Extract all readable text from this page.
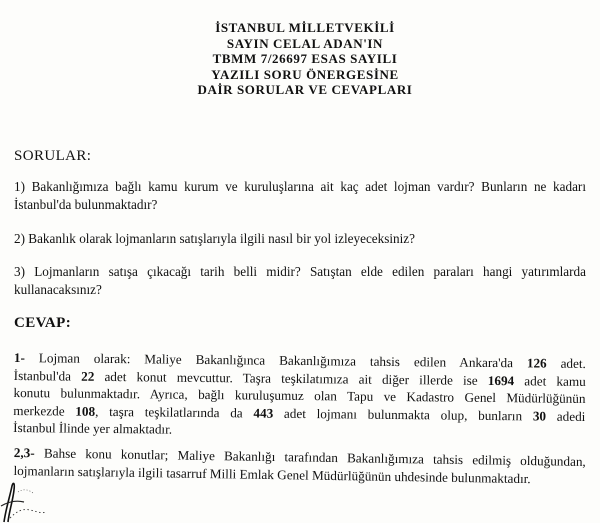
İSTANBUL MİLLETVEKİLİ
SAYIN CELAL ADAN'IN
TBMM 7/26697 ESAS SAYILI
YAZILI SORU ÖNERGESİNE
DAİR SORULAR VE CEVAPLARI
SORULAR:
1) Bakanlığımıza bağlı kamu kurum ve kuruluşlarına ait kaç adet lojman vardır? Bunların ne kadarı
İstanbul'da bulunmaktadır?
2) Bakanlık olarak lojmanların satışlarıyla ilgili nasıl bir yol izleyeceksiniz?
3) Lojmanların satışa çıkacağı tarih belli midir? Satıştan elde edilen paraları hangi yatırımlarda
kullanacaksınız?
CEVAP:
1- Lojman olarak: Maliye Bakanlığınca Bakanlığımıza tahsis edilen Ankara'da 126 adet.
İstanbul'da 22 adet konut mevcuttur. Taşra teşkilatımıza ait diğer illerde ise 1694 adet kamu
konutu bulunmaktadır. Ayrıca, bağlı kuruluşumuz olan Tapu ve Kadastro Genel Müdürlüğünün
merkezde 108, taşra teşkilatlarında da 443 adet lojmanı bulunmakta olup, bunların 30 adedi
İstanbul İlinde yer almaktadır.
2,3- Bahse konu konutlar; Maliye Bakanlığı tarafından Bakanlığımıza tahsis edilmiş olduğundan,
lojmanların satışlarıyla ilgili tasarruf Milli Emlak Genel Müdürlüğünün uhdesinde bulunmaktadır.
